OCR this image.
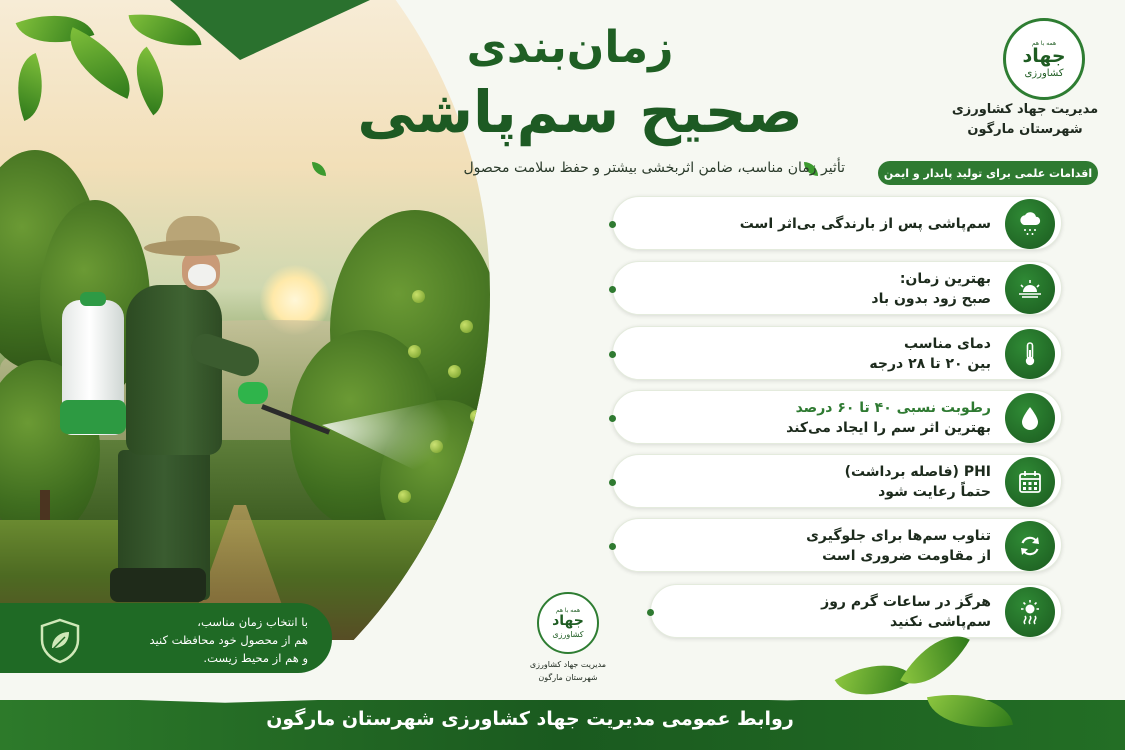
زمان‌بندی
صحیح سم‌پاشی
تأثیر زمان مناسب، ضامن اثربخشی بیشتر و حفظ سلامت محصول
همه با هم
جهاد
کشاورزی
مدیریت جهاد کشاورزی
شهرستان مارگون
اقدامات علمی برای تولید پایدار و ایمن
سم‌پاشی پس از بارندگی بی‌اثر است
بهترین زمان:
صبح زود بدون باد
دمای مناسب
بین ۲۰ تا ۲۸ درجه
رطوبت نسبی ۴۰ تا ۶۰ درصد
بهترین اثر سم را ایجاد می‌کند
PHI (فاصله برداشت)
حتماً رعایت شود
تناوب سم‌ها برای جلوگیری
از مقاومت ضروری است
هرگز در ساعات گرم روز
سم‌پاشی نکنید
با انتخاب زمان مناسب،
هم از محصول خود محافظت کنید
و هم از محیط زیست.
همه با هم
جهاد
کشاورزی
مدیریت جهاد کشاورزی
شهرستان مارگون
روابط عمومی مدیریت جهاد کشاورزی شهرستان مارگون
